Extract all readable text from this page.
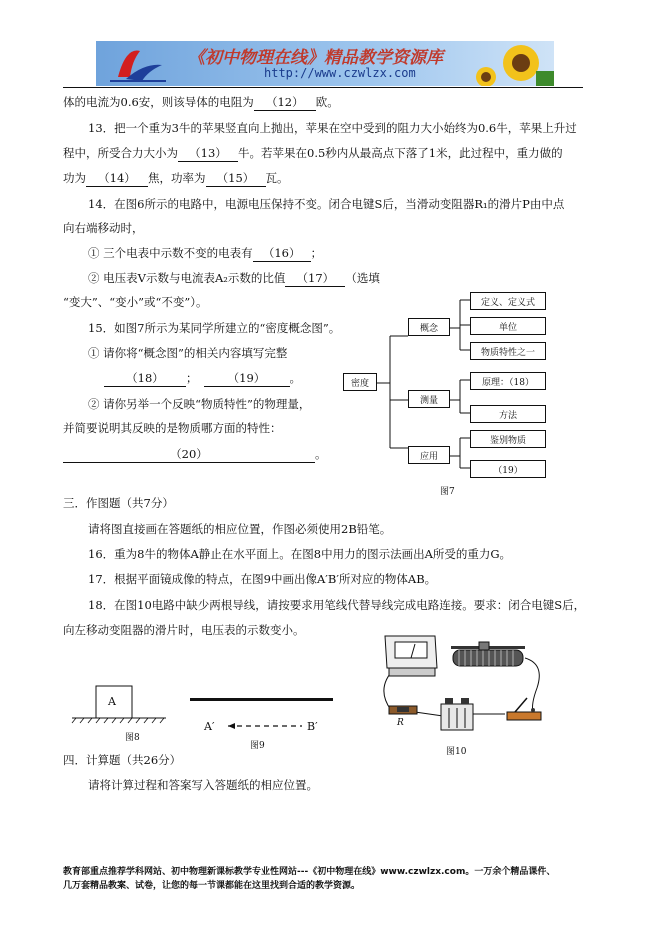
《初中物理在线》精品教学资源库
http://www.czwlzx.com
体的电流为0.6安，则该导体的电阻为 （12） 欧。
13．把一个重为3牛的苹果竖直向上抛出，苹果在空中受到的阻力大小始终为0.6牛，苹果上升过
程中，所受合力大小为 （13） 牛。若苹果在0.5秒内从最高点下落了1米，此过程中，重力做的
功为 （14） 焦，功率为 （15） 瓦。
14．在图6所示的电路中，电源电压保持不变。闭合电键S后，当滑动变阻器R₁的滑片P由中点
向右端移动时，
① 三个电表中示数不变的电表有 （16） ；
② 电压表V示数与电流表A₂示数的比值 （17） （选填
“变大”、“变小”或“不变”）。
15．如图7所示为某同学所建立的“密度概念图”。
① 请你将“概念图”的相关内容填写完整
（18） ；	（19） 。
② 请你另举一个反映“物质特性”的物理量，
并简要说明其反映的是物质哪方面的特性：
（20）	。
密度
概念
测量
应用
定义、定义式
单位
物质特性之一
原理：（18）
方法
鉴别物质
（19）
图7
三．作图题（共7分）
请将图直接画在答题纸的相应位置，作图必须使用2B铅笔。
16．重为8牛的物体A静止在水平面上。在图8中用力的图示法画出A所受的重力G。
17．根据平面镜成像的特点，在图9中画出像A′B′所对应的物体AB。
18．在图10电路中缺少两根导线，请按要求用笔线代替导线完成电路连接。要求：闭合电键S后，
向左移动变阻器的滑片时，电压表的示数变小。
A
图8
A′	B′
图9
R
图10
四．计算题（共26分）
请将计算过程和答案写入答题纸的相应位置。
教育部重点推荐学科网站、初中物理新课标教学专业性网站---《初中物理在线》www.czwlzx.com。一万余个精品课件、
几万套精品教案、试卷，让您的每一节课都能在这里找到合适的教学资源。
